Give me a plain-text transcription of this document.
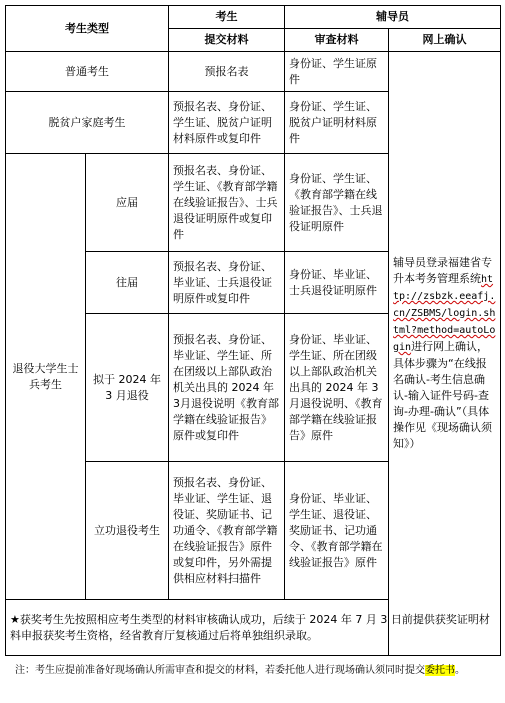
考生类型		考生	辅导员	
		提交材料	审查材料	网上确认
普通考生		预报名表	身份证、学生证原件	辅导员登录福建省专升本考务管理系统http://zsbzk.eeafj.cn/ZSBMS/login.shtml?method=autoLogin进行网上确认，具体步骤为“在线报名确认-考生信息确认-输入证件号码-查询-办理-确认”（具体操作见《现场确认须知》）
脱贫户家庭考生		预报名表、身份证、学生证、脱贫户证明材料原件或复印件	身份证、学生证、脱贫户证明材料原件	
退役大学生士兵考生	应届	预报名表、身份证、学生证、《教育部学籍在线验证报告》、士兵退役证明原件或复印件	身份证、学生证、《教育部学籍在线验证报告》、士兵退役证明原件	
	往届	预报名表、身份证、毕业证、士兵退役证明原件或复印件	身份证、毕业证、士兵退役证明原件	
	拟于 2024 年 3 月退役	预报名表、身份证、毕业证、学生证、所在团级以上部队政治机关出具的 2024 年3月退役说明《教育部学籍在线验证报告》原件或复印件	身份证、毕业证、学生证、所在团级以上部队政治机关出具的 2024 年 3 月退役说明、《教育部学籍在线验证报告》原件	
	立功退役考生	预报名表、身份证、毕业证、学生证、退役证、奖励证书、记功通令、《教育部学籍在线验证报告》原件或复印件，另外需提供相应材料扫描件	身份证、毕业证、学生证、退役证、奖励证书、记功通令、《教育部学籍在线验证报告》原件	
★获奖考生先按照相应考生类型的材料审核确认成功，后续于 2024 年 7 月 3 日前提供获奖证明材料申报获奖考生资格，经省教育厅复核通过后将单独组织录取。				
注：考生应提前准备好现场确认所需审查和提交的材料，若委托他人进行现场确认须同时提交委托书。
